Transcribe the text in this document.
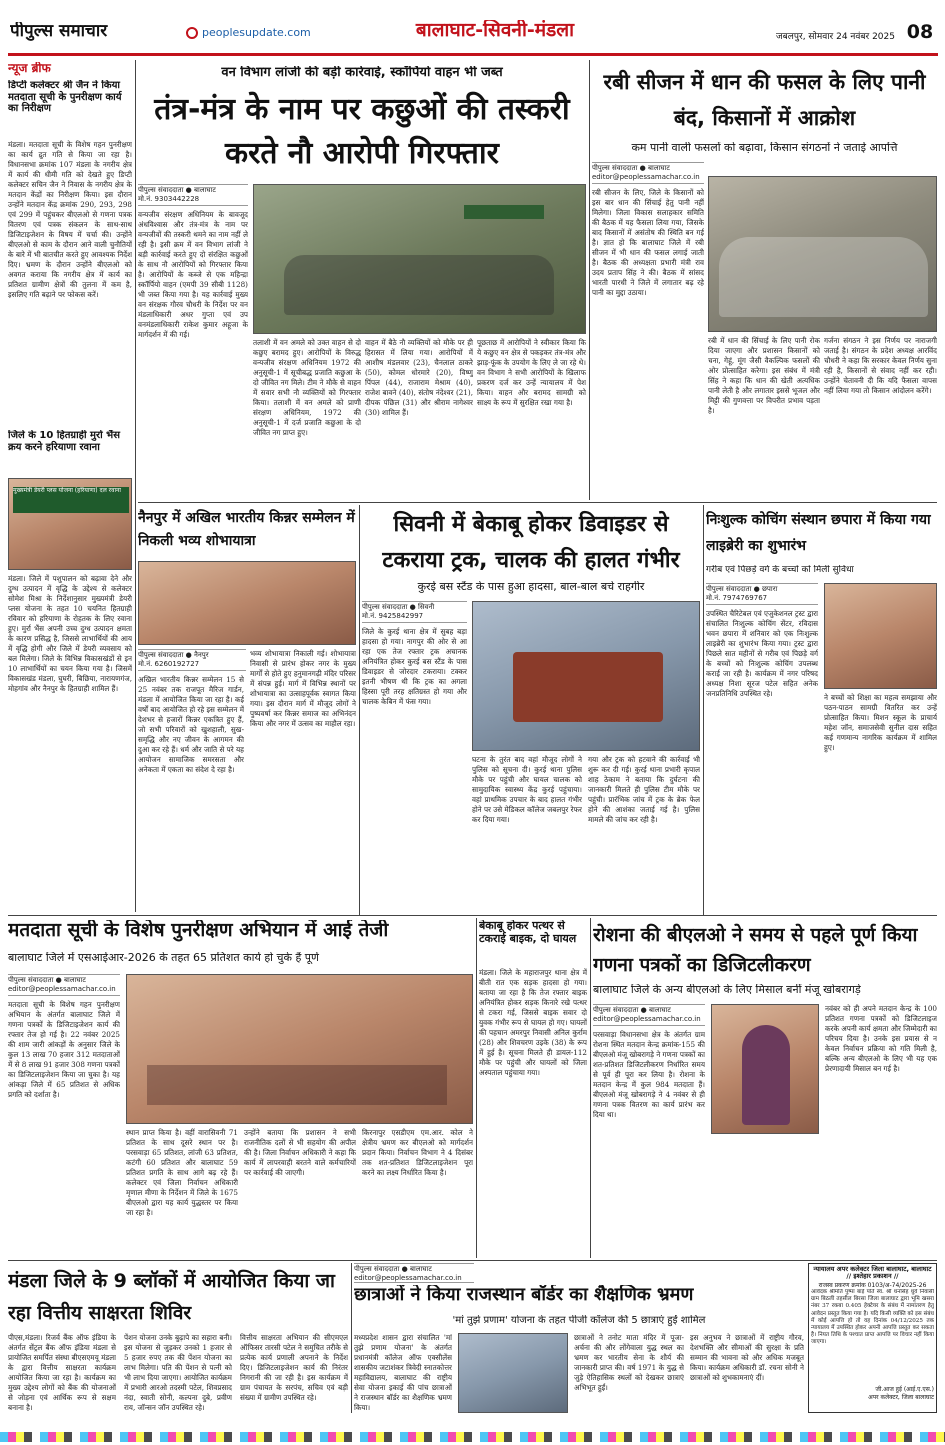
पीपुल्स समाचार	peoplesupdate.com	बालाघाट-सिवनी-मंडला	जबलपुर, सोमवार 24 नवंबर 2025 08
न्यूज ब्रीफ
डिप्टी कलेक्टर श्री जैन ने किया मतदाता सूची के पुनरीक्षण कार्य का निरीक्षण
मंडला। मतदाता सूची के विशेष गहन पुनरीक्षण का कार्य द्रुत गति से किया जा रहा है। विधानसभा क्रमांक 107 मंडला के नगरीय क्षेत्र में कार्य की धीमी गति को देखते हुए डिप्टी कलेक्टर सचिन जैन ने निवास के नगरीय क्षेत्र के मतदान केंद्रों का निरीक्षण किया। इस दौरान उन्होंने मतदान केंद्र क्रमांक 290, 293, 298 एवं 299 में पहुंचकर बीएलओ से गणना पत्रक वितरण एवं पत्रक संकलन के साथ-साथ डिजिटाइजेशन के विषय में चर्चा की। उन्होंने बीएलओ से काम के दौरान आने वाली चुनौतियों के बारे में भी बातचीत करते हुए आवश्यक निर्देश दिए। भ्रमण के दौरान उन्होंने बीएलओ को अवगत कराया कि नगरीय क्षेत्र में कार्य का प्रतिशत ग्रामीण क्षेत्रों की तुलना में कम है, इसलिए गति बढ़ाने पर फोकस करें।
जिले के 10 हितग्राही मुर्रा भैंस क्रय करने हरियाणा रवाना
मुख्यमंत्री डेयरी प्लस योजना (हरियाणा) दल रवाना
मंडला। जिले में पशुपालन को बढ़ावा देने और दुग्ध उत्पादन में वृद्धि के उद्देश्य से कलेक्टर सोमेश मिश्रा के निर्देशानुसार मुख्यमंत्री डेयरी प्लस योजना के तहत 10 चयनित हितग्राही रविवार को हरियाणा के रोहतक के लिए रवाना हुए। मुर्रा भैंस अपनी उच्च दुग्ध उत्पादन क्षमता के कारण प्रसिद्ध है, जिससे लाभार्थियों की आय में वृद्धि होगी और जिले में डेयरी व्यवसाय को बल मिलेगा। जिले के विभिन्न विकासखंडों से इन 10 लाभार्थियों का चयन किया गया है। जिसमें विकासखंड मंडला, घुघरी, बिछिया, नारायणगंज, मोहगांव और नैनपुर के हितग्राही शामिल हैं।
वन विभाग लांजी की बड़ी कार्रवाई, स्कॉर्पियो वाहन भी जब्त
तंत्र-मंत्र के नाम पर कछुओं की तस्करी करते नौ आरोपी गिरफ्तार
पीपुल्स संवाददाता ● बालाघाट
मो.नं. 9303442228
वन्यजीव संरक्षण अधिनियम के बावजूद अंधविश्वास और तंत्र-मंत्र के नाम पर वन्यजीवों की तस्करी थमने का नाम नहीं ले रही है। इसी क्रम में वन विभाग लांजी ने बड़ी कार्रवाई करते हुए दो संरक्षित कछुओं के साथ नौ आरोपियों को गिरफ्तार किया है। आरोपियों के कब्जे से एक महिन्द्रा स्कॉर्पियो वाहन (एमपी 39 सीबी 1128) भी जब्त किया गया है। यह कार्रवाई मुख्य वन संरक्षक गौरव चौधरी के निर्देश पर वन मंडलाधिकारी अधर गुप्ता एवं उप वनमंडलाधिकारी राकेश कुमार अहूजा के मार्गदर्शन में की गई।
तलाशी में वन अमले को उक्त वाहन से दो कछुए बरामद हुए। आरोपियों के विरुद्ध वन्यजीव संरक्षण अधिनियम 1972 की अनुसूची-1 में सूचीबद्ध प्रजाति कछुआ के दो जीवित नग मिले। टीम ने मौके से वाहन में सवार सभी नौ व्यक्तियों को गिरफ्तार किया। तलाशी में वन अमले को प्राणी संरक्षण अधिनियम, 1972 की अनुसूची-1 में दर्ज प्रजाति कछुआ के दो जीवित नग प्राप्त हुए।
वाहन में बैठे नौ व्यक्तियों को मौके पर ही हिरासत में लिया गया। आरोपियों में आशीष मंडलवार (23), चैनलाल ठाकरे (50), कोमल धोरमारे (20), विष्णु पिंपल (44), राजाराम मेश्राम (40), राजेश बावने (40), संतोष नंदेश्वर (21), दीपक पंछिल (31) और श्रीराम नागेश्वर (30) शामिल हैं।
पूछताछ में आरोपियों ने स्वीकार किया कि ये कछुए वन क्षेत्र से पकड़कर तंत्र-मंत्र और झाड़-फूंक के उपयोग के लिए ले जा रहे थे। वन विभाग ने सभी आरोपियों के खिलाफ प्रकरण दर्ज कर उन्हें न्यायालय में पेश किया। वाहन और बरामद सामग्री को साक्ष्य के रूप में सुरक्षित रखा गया है।
रबी सीजन में धान की फसल के लिए पानी बंद, किसानों में आक्रोश
कम पानी वाली फसलों को बढ़ावा, किसान संगठनों ने जताई आपत्ति
पीपुल्स संवाददाता ● बालाघाट
editor@peoplessamachar.co.in
रबी सीजन के लिए, जिले के किसानों को इस बार धान की सिंचाई हेतु पानी नहीं मिलेगा। जिला विकास सलाहकार समिति की बैठक में यह फैसला लिया गया, जिसके बाद किसानों में असंतोष की स्थिति बन गई है। ज्ञात हो कि बालाघाट जिले में रबी सीजन में भी धान की फसल लगाई जाती है। बैठक की अध्यक्षता प्रभारी मंत्री राव उदय प्रताप सिंह ने की। बैठक में सांसद भारती पारधी ने जिले में लगातार बढ़ रहे पानी का मुद्दा उठाया।
रबी में धान की सिंचाई के लिए पानी रोक दिया जाएगा और प्रशासन किसानों को चना, गेहूं, मूंग जैसी वैकल्पिक फसलों की ओर प्रोत्साहित करेगा। इस संबंध में मंत्री सिंह ने कहा कि धान की खेती अत्यधिक पानी लेती है और लगातार इससे भूजल और मिट्टी की गुणवत्ता पर विपरीत प्रभाव पड़ता है।
गर्जना संगठन ने इस निर्णय पर नाराजगी जताई है। संगठन के प्रदेश अध्यक्ष आरविंद चौधरी ने कहा कि सरकार केवल निर्णय सुना रही है, किसानों से संवाद नहीं कर रही। उन्होंने चेतावनी दी कि यदि फैसला वापस नहीं लिया गया तो किसान आंदोलन करेंगे।
नैनपुर में अखिल भारतीय किन्नर सम्मेलन में निकली भव्य शोभायात्रा
पीपुल्स संवाददाता ● नैनपुर
मो.नं. 6260192727
अखिल भारतीय किन्नर सम्मेलन 15 से 25 नवंबर तक राजपूत मैरिज गार्डन, मंडला में आयोजित किया जा रहा है। कई वर्षों बाद आयोजित हो रहे इस सम्मेलन में देशभर से हजारों किन्नर एकत्रित हुए हैं, जो सभी परिवारों को खुशहाली, सुख-समृद्धि और नए जीवन के आगमन की दुआ कर रहे हैं। धर्म और जाति से परे यह आयोजन सामाजिक समरसता और अनेकता में एकता का संदेश दे रहा है।
भव्य शोभायात्रा निकाली गई। शोभायात्रा निवासी से प्रारंभ होकर नगर के मुख्य मार्गों से होते हुए हनुमानगढ़ी मंदिर परिसर में संपन्न हुई। मार्ग में विभिन्न स्थानों पर शोभायात्रा का उत्साहपूर्वक स्वागत किया गया। इस दौरान मार्ग में मौजूद लोगों ने पुष्पवर्षा कर किन्नर समाज का अभिनंदन किया और नगर में उत्सव का माहौल रहा।
सिवनी में बेकाबू होकर डिवाइडर से टकराया ट्रक, चालक की हालत गंभीर
कुरई बस स्टैंड के पास हुआ हादसा, बाल-बाल बचे राहगीर
पीपुल्स संवाददाता ● सिवनी
मो.नं. 9425842997
जिले के कुरई थाना क्षेत्र में सुबह बड़ा हादसा हो गया। नागपुर की ओर से आ रहा एक तेज रफ्तार ट्रक अचानक अनियंत्रित होकर कुरई बस स्टैंड के पास डिवाइडर से जोरदार टकराया। टक्कर इतनी भीषण थी कि ट्रक का अगला हिस्सा पूरी तरह क्षतिग्रस्त हो गया और चालक केबिन में फंस गया।
घटना के तुरंत बाद वहां मौजूद लोगों ने पुलिस को सूचना दी। कुरई थाना पुलिस मौके पर पहुंची और घायल चालक को सामुदायिक स्वास्थ्य केंद्र कुरई पहुंचाया। वहां प्राथमिक उपचार के बाद हालत गंभीर होने पर उसे मेडिकल कॉलेज जबलपुर रेफर कर दिया गया।
गया और ट्रक को हटवाने की कार्रवाई भी शुरू कर दी गई। कुरई थाना प्रभारी कृपाल शाह ठेकाम ने बताया कि दुर्घटना की जानकारी मिलते ही पुलिस टीम मौके पर पहुंची। प्रारंभिक जांच में ट्रक के ब्रेक फेल होने की आशंका जताई गई है। पुलिस मामले की जांच कर रही है।
निःशुल्क कोचिंग संस्थान छपारा में किया गया लाइब्रेरी का शुभारंभ
गरीब एवं पिछड़े वर्ग के बच्चों को मिली सुविधा
पीपुल्स संवाददाता ● छपारा
मो.नं. 7974769767
उपस्थित चैरिटेबल एवं एजुकेशनल ट्रस्ट द्वारा संचालित निःशुल्क कोचिंग सेंटर, रविदास भवन छपारा में शनिवार को एक निःशुल्क लाइब्रेरी का शुभारंभ किया गया। ट्रस्ट द्वारा पिछले सात महीनों से गरीब एवं पिछड़े वर्ग के बच्चों को निःशुल्क कोचिंग उपलब्ध कराई जा रही है। कार्यक्रम में नगर परिषद अध्यक्ष निशा सूरज पटेल सहित अनेक जनप्रतिनिधि उपस्थित रहे।	ने बच्चों को शिक्षा का महत्व समझाया और पठन-पाठन सामग्री वितरित कर उन्हें प्रोत्साहित किया। मिशन स्कूल के प्राचार्य महेश जॉन, समाजसेवी सुनील दास सहित कई गणमान्य नागरिक कार्यक्रम में शामिल हुए।
मतदाता सूची के विशेष पुनरीक्षण अभियान में आई तेजी
बालाघाट जिले में एसआईआर-2026 के तहत 65 प्रतिशत कार्य हो चुके हैं पूर्ण
पीपुल्स संवाददाता ● बालाघाट
editor@peoplessamachar.co.in
मतदाता सूची के विशेष गहन पुनरीक्षण अभियान के अंतर्गत बालाघाट जिले में गणना पत्रकों के डिजिटाइजेशन कार्य की रफ्तार तेज हो गई है। 22 नवंबर 2025 की शाम जारी आंकड़ों के अनुसार जिले के कुल 13 लाख 70 हजार 312 मतदाताओं में से 8 लाख 91 हजार 308 गणना पत्रकों का डिजिटलाइजेशन किया जा चुका है। यह आंकड़ा जिले में 65 प्रतिशत से अधिक प्रगति को दर्शाता है।
स्थान प्राप्त किया है। वहीं वारासिवनी 71 प्रतिशत के साथ दूसरे स्थान पर है। परसवाड़ा 65 प्रतिशत, लांजी 63 प्रतिशत, कटंगी 60 प्रतिशत और बालाघाट 59 प्रतिशत प्रगति के साथ आगे बढ़ रहे हैं। कलेक्टर एवं जिला निर्वाचन अधिकारी मृणाल मीणा के निर्देशन में जिले के 1675 बीएलओ द्वारा यह कार्य युद्धस्तर पर किया जा रहा है।
उन्होंने बताया कि प्रशासन ने सभी राजनीतिक दलों से भी सहयोग की अपील की है। जिला निर्वाचन अधिकारी ने कहा कि कार्य में लापरवाही बरतने वाले कर्मचारियों पर कार्रवाई की जाएगी।
किरनापुर एसडीएम एम.आर. कोल ने क्षेत्रीय भ्रमण कर बीएलओ को मार्गदर्शन प्रदान किया। निर्वाचन विभाग ने 4 दिसंबर तक शत-प्रतिशत डिजिटलाइजेशन पूरा करने का लक्ष्य निर्धारित किया है।
बेकाबू होकर पत्थर से टकराई बाइक, दो घायल
मंडला। जिले के महाराजपुर थाना क्षेत्र में बीती रात एक सड़क हादसा हो गया। बताया जा रहा है कि तेज रफ्तार बाइक अनियंत्रित होकर सड़क किनारे रखे पत्थर से टकरा गई, जिससे बाइक सवार दो युवक गंभीर रूप से घायल हो गए। घायलों की पहचान अमरपुर निवासी अनिल कुर्राम (28) और शिवचरण उइके (38) के रूप में हुई है। सूचना मिलते ही डायल-112 मौके पर पहुंची और घायलों को जिला अस्पताल पहुंचाया गया।
रोशना की बीएलओ ने समय से पहले पूर्ण किया गणना पत्रकों का डिजिटलीकरण
बालाघाट जिले के अन्य बीएलओ के लिए मिसाल बनीं मंजू खोबरागड़े
पीपुल्स संवाददाता ● बालाघाट
editor@peoplessamachar.co.in
परसवाड़ा विधानसभा क्षेत्र के अंतर्गत ग्राम रोशना स्थित मतदान केन्द्र क्रमांक-155 की बीएलओ मंजू खोबरागड़े ने गणना पत्रकों का शत-प्रतिशत डिजिटलीकरण निर्धारित समय से पूर्व ही पूरा कर लिया है। रोशना के मतदान केन्द्र में कुल 984 मतदाता हैं। बीएलओ मंजू खोबरागड़े ने 4 नवंबर से ही गणना पत्रक वितरण का कार्य प्रारंभ कर दिया था।
नवंबर को ही अपने मतदान केन्द्र के 100 प्रतिशत गणना पत्रकों को डिजिटलाइज करके अपनी कार्य क्षमता और जिम्मेदारी का परिचय दिया है। उनके इस प्रयास से न केवल निर्वाचन प्रक्रिया को गति मिली है, बल्कि अन्य बीएलओ के लिए भी यह एक प्रेरणादायी मिसाल बन गई है।
मंडला जिले के 9 ब्लॉकों में आयोजित किया जा रहा वित्तीय साक्षरता शिविर
पीएस,मंडला। रिजर्व बैंक ऑफ इंडिया के अंतर्गत सेंट्रल बैंक ऑफ इंडिया मंडला से प्रायोजित समर्पित संस्था बीएसएमयू मंडला के द्वारा वित्तीय साक्षरता कार्यक्रम आयोजित किया जा रहा है। कार्यक्रम का मुख्य उद्देश्य लोगों को बैंक की योजनाओं से जोड़ना एवं आर्थिक रूप से सक्षम बनाना है।
पेंशन योजना उनके बुढ़ापे का सहारा बनी। इस योजना से जुड़कर उनको 1 हजार से 5 हजार रुपए तक की पेंशन योजना का लाभ मिलेगा। पति की पेंशन से पत्नी को भी लाभ दिया जाएगा। आयोजित कार्यक्रम में प्रभारी आरओ तदस्मी पटेल, शिवप्रसाद नंदा, स्वाती सोनी, कल्पना दुबे, प्रवीण राय, जॉन्सन जॉन उपस्थित रहे।
वित्तीय साक्षरता अभियान की सीएमएल ऑफिसर तारसी पटेल ने समुचित तरीके से प्रत्येक कार्य प्रणाली अपनाने के निर्देश दिए। डिजिटलाइजेशन कार्य की निरंतर निगरानी की जा रही है। इस कार्यक्रम में ग्राम पंचायत के सरपंच, सचिव एवं बड़ी संख्या में ग्रामीण उपस्थित रहे।
पीपुल्स संवाददाता ● बालाघाट
editor@peoplessamachar.co.in
छात्राओं ने किया राजस्थान बॉर्डर का शैक्षणिक भ्रमण
'मां तुझे प्रणाम' योजना के तहत पीजी कॉलेज की 5 छात्राएं हुईं शामिल
मध्यप्रदेश शासन द्वारा संचालित 'मां तुझे प्रणाम योजना' के अंतर्गत प्रधानमंत्री कॉलेज ऑफ एक्सीलेंस शासकीय जटाशंकर त्रिवेदी स्नातकोत्तर महाविद्यालय, बालाघाट की राष्ट्रीय सेवा योजना इकाई की पांच छात्राओं ने राजस्थान बॉर्डर का शैक्षणिक भ्रमण किया।
छात्राओं ने तनोट माता मंदिर में पूजा-अर्चना की और लोंगेवाला युद्ध स्थल का भ्रमण कर भारतीय सेना के शौर्य की जानकारी प्राप्त की। वर्ष 1971 के युद्ध से जुड़े ऐतिहासिक स्थलों को देखकर छात्राएं अभिभूत हुईं।
इस अनुभव ने छात्राओं में राष्ट्रीय गौरव, देशभक्ति और सीमाओं की सुरक्षा के प्रति सम्मान की भावना को और अधिक मजबूत किया। कार्यक्रम अधिकारी डॉ. रचना सोनी ने छात्राओं को शुभकामनाएं दीं।
न्यायालय अपर कलेक्टर जिला बालाघाट, बालाघाट
// इश्तेहार प्रकाशन //
राजस्व प्रकरण क्रमांक 0103/अ-74/2025-26
आवेदक श्रीमति पुष्पा बाई पति स्व. श्री धनसिंह धुर्वे निवासी ग्राम बिठली तहसील बिरसा जिला बालाघाट द्वारा भूमि खसरा नंबर 37 रकबा 0.405 हेक्टेयर के संबंध में नामांतरण हेतु आवेदन प्रस्तुत किया गया है। यदि किसी व्यक्ति को इस संबंध में कोई आपत्ति हो तो वह दिनांक 04/12/2025 तक न्यायालय में उपस्थित होकर अपनी आपत्ति प्रस्तुत कर सकता है। नियत तिथि के पश्चात प्राप्त आपत्ति पर विचार नहीं किया जाएगा।
जी.आज हुई (आई.ए.एस.)
अपर कलेक्टर, जिला बालाघाट
